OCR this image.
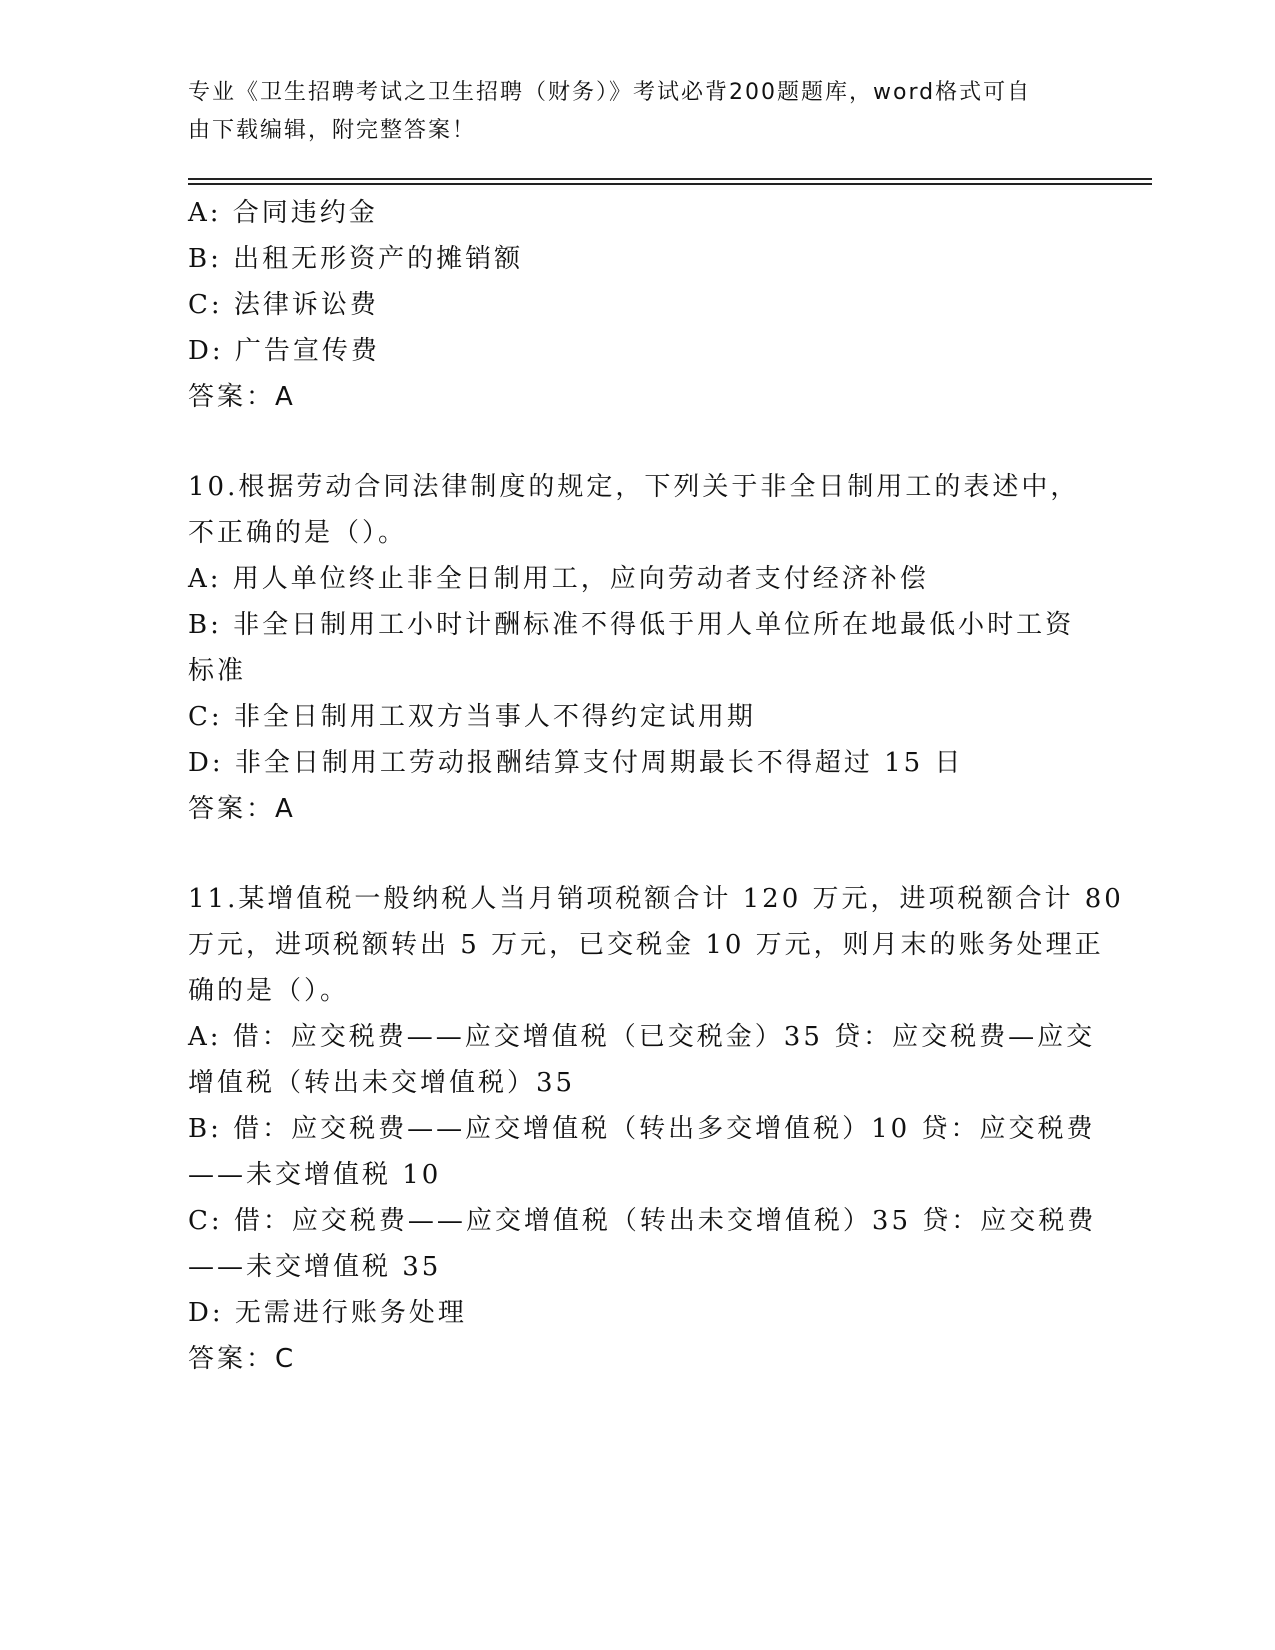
专业《卫生招聘考试之卫生招聘（财务）》考试必背200题题库，word格式可自
由下载编辑，附完整答案！
A: 合同违约金
B: 出租无形资产的摊销额
C: 法律诉讼费
D: 广告宣传费
答案：A
10.根据劳动合同法律制度的规定，下列关于非全日制用工的表述中，
不正确的是（）。
A: 用人单位终止非全日制用工，应向劳动者支付经济补偿
B: 非全日制用工小时计酬标准不得低于用人单位所在地最低小时工资
标准
C: 非全日制用工双方当事人不得约定试用期
D: 非全日制用工劳动报酬结算支付周期最长不得超过 15 日
答案：A
11.某增值税一般纳税人当月销项税额合计 120 万元，进项税额合计 80
万元，进项税额转出 5 万元，已交税金 10 万元，则月末的账务处理正
确的是（）。
A: 借：应交税费——应交增值税（已交税金）35 贷：应交税费—应交
增值税（转出未交增值税）35
B: 借：应交税费——应交增值税（转出多交增值税）10 贷：应交税费
——未交增值税 10
C: 借：应交税费——应交增值税（转出未交增值税）35 贷：应交税费
——未交增值税 35
D: 无需进行账务处理
答案：C
